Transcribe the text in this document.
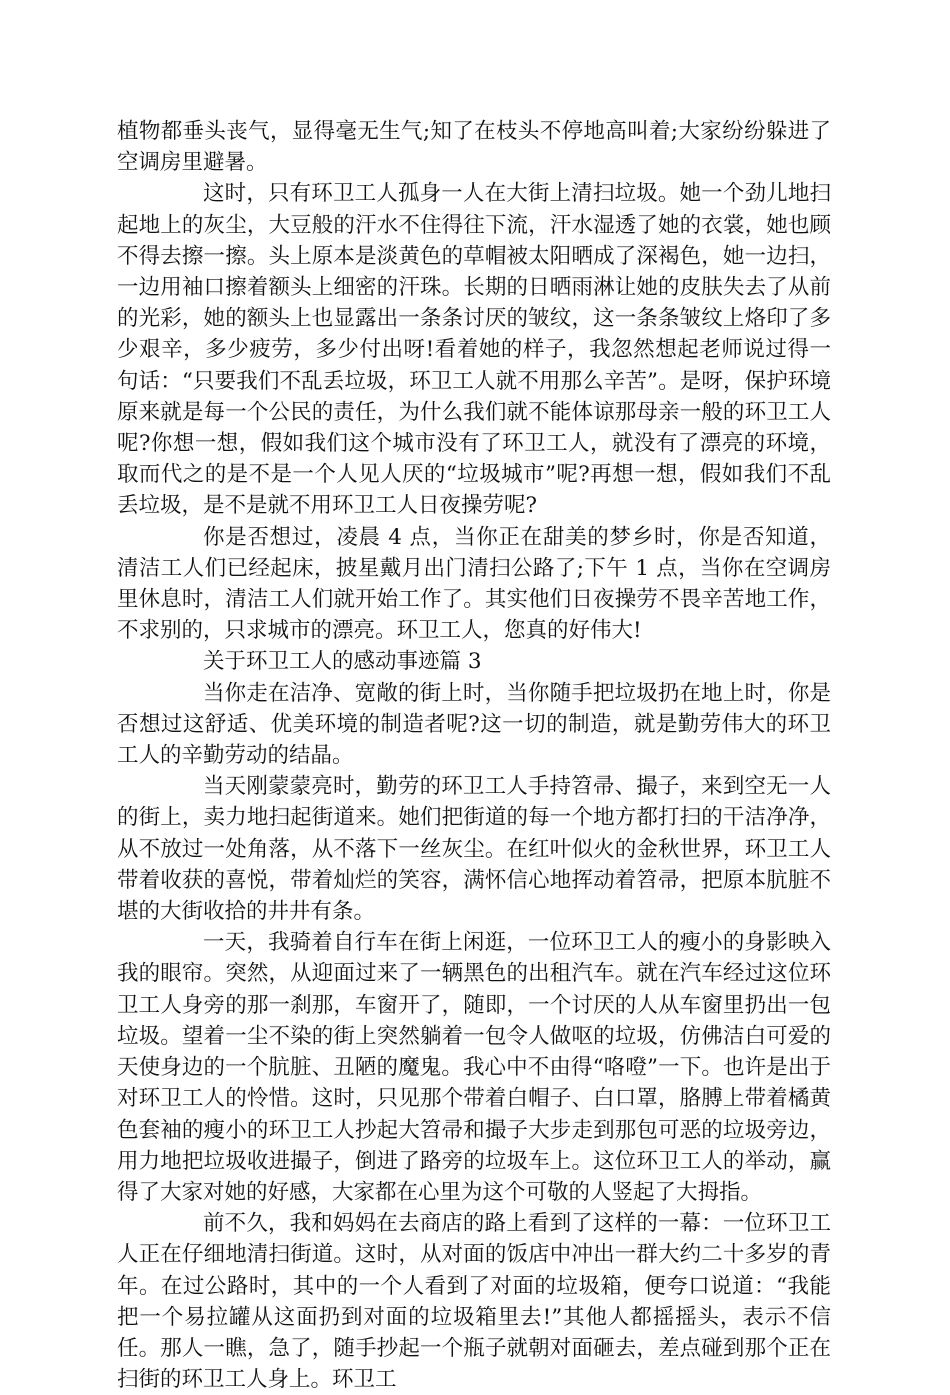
植物都垂头丧气，显得毫无生气;知了在枝头不停地高叫着;大家纷纷躲进了空调房里避暑。

这时，只有环卫工人孤身一人在大街上清扫垃圾。她一个劲儿地扫起地上的灰尘，大豆般的汗水不住得往下流，汗水湿透了她的衣裳，她也顾不得去擦一擦。头上原本是淡黄色的草帽被太阳晒成了深褐色，她一边扫，一边用袖口擦着额头上细密的汗珠。长期的日晒雨淋让她的皮肤失去了从前的光彩，她的额头上也显露出一条条讨厌的皱纹，这一条条皱纹上烙印了多少艰辛，多少疲劳，多少付出呀!看着她的样子，我忽然想起老师说过得一句话：“只要我们不乱丢垃圾，环卫工人就不用那么辛苦”。是呀，保护环境原来就是每一个公民的责任，为什么我们就不能体谅那母亲一般的环卫工人呢?你想一想，假如我们这个城市没有了环卫工人，就没有了漂亮的环境，取而代之的是不是一个人见人厌的“垃圾城市”呢?再想一想，假如我们不乱丢垃圾，是不是就不用环卫工人日夜操劳呢?

你是否想过，凌晨 4 点，当你正在甜美的梦乡时，你是否知道，清洁工人们已经起床，披星戴月出门清扫公路了;下午 1 点，当你在空调房里休息时，清洁工人们就开始工作了。其实他们日夜操劳不畏辛苦地工作，不求别的，只求城市的漂亮。环卫工人，您真的好伟大!

关于环卫工人的感动事迹篇 3

当你走在洁净、宽敞的街上时，当你随手把垃圾扔在地上时，你是否想过这舒适、优美环境的制造者呢?这一切的制造，就是勤劳伟大的环卫工人的辛勤劳动的结晶。

当天刚蒙蒙亮时，勤劳的环卫工人手持笤帚、撮子，来到空无一人的街上，卖力地扫起街道来。她们把街道的每一个地方都打扫的干洁净净，从不放过一处角落，从不落下一丝灰尘。在红叶似火的金秋世界，环卫工人带着收获的喜悦，带着灿烂的笑容，满怀信心地挥动着笤帚，把原本肮脏不堪的大街收拾的井井有条。

一天，我骑着自行车在街上闲逛，一位环卫工人的瘦小的身影映入我的眼帘。突然，从迎面过来了一辆黑色的出租汽车。就在汽车经过这位环卫工人身旁的那一刹那，车窗开了，随即，一个讨厌的人从车窗里扔出一包垃圾。望着一尘不染的街上突然躺着一包令人做呕的垃圾，仿佛洁白可爱的天使身边的一个肮脏、丑陋的魔鬼。我心中不由得“咯噔”一下。也许是出于对环卫工人的怜惜。这时，只见那个带着白帽子、白口罩，胳膊上带着橘黄色套袖的瘦小的环卫工人抄起大笤帚和撮子大步走到那包可恶的垃圾旁边，用力地把垃圾收进撮子，倒进了路旁的垃圾车上。这位环卫工人的举动，赢得了大家对她的好感，大家都在心里为这个可敬的人竖起了大拇指。

前不久，我和妈妈在去商店的路上看到了这样的一幕：一位环卫工人正在仔细地清扫街道。这时，从对面的饭店中冲出一群大约二十多岁的青年。在过公路时，其中的一个人看到了对面的垃圾箱，便夸口说道：“我能把一个易拉罐从这面扔到对面的垃圾箱里去!”其他人都摇摇头，表示不信任。那人一瞧，急了，随手抄起一个瓶子就朝对面砸去，差点碰到那个正在扫街的环卫工人身上。环卫工
